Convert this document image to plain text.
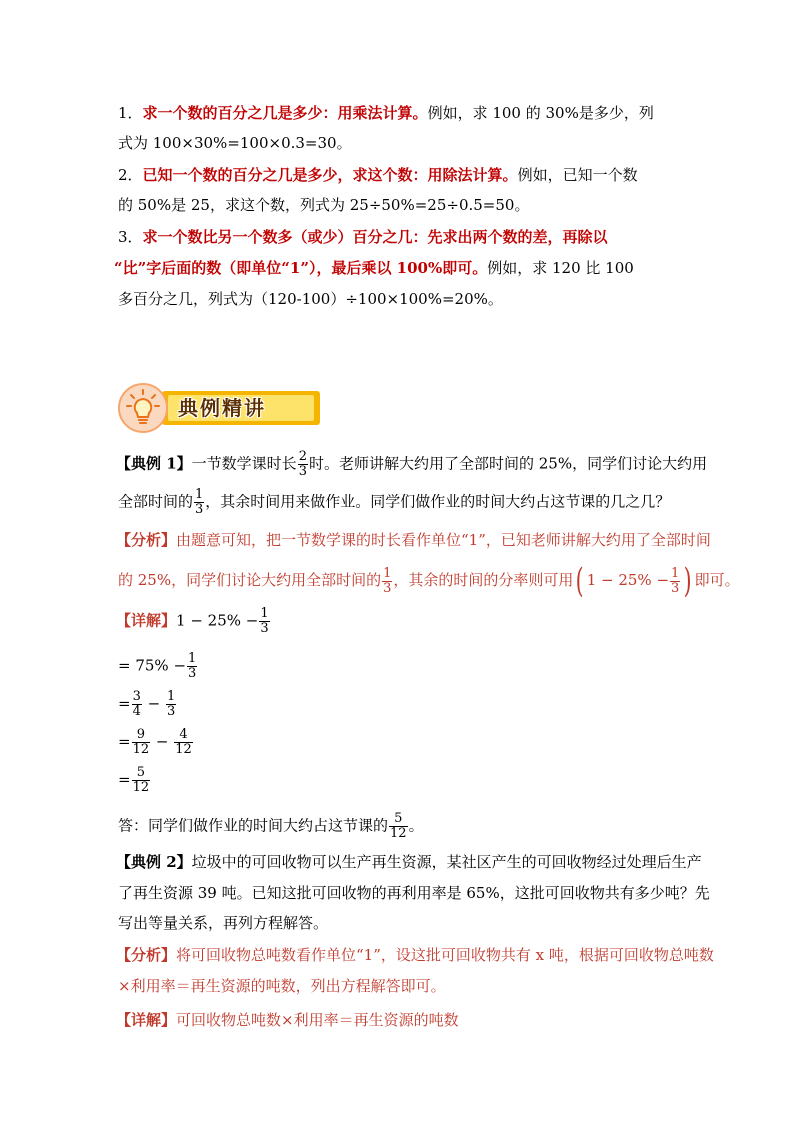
1．求一个数的百分之几是多少：用乘法计算。例如，求 100 的 30%是多少，列
式为 100×30%=100×0.3=30。
2．已知一个数的百分之几是多少，求这个数：用除法计算。例如，已知一个数
的 50%是 25，求这个数，列式为 25÷50%=25÷0.5=50。
3．求一个数比另一个数多（或少）百分之几：先求出两个数的差，再除以
“比”字后面的数（即单位“1”），最后乘以 100%即可。例如，求 120 比 100
多百分之几，列式为（120-100）÷100×100%=20%。
典例精讲
【典例 1】一节数学课时长 $\frac{2}{3}$ 时。老师讲解大约用了全部时间的 25%，同学们讨论大约用
全部时间的 $\frac{1}{3}$ ，其余时间用来做作业。同学们做作业的时间大约占这节课的几之几？
【分析】由题意可知，把一节数学课的时长看作单位“1”，已知老师讲解大约用了全部时间
的 25%，同学们讨论大约用全部时间的 $\frac{1}{3}$ ，其余的时间的分率则可用( $1 - 25\% - \frac{1}{3}$ ) 即可。
【详解】$1 - 25\% - \frac{1}{3}$
= $75\% - \frac{1}{3}$
= $\frac{3}{4} - \frac{1}{3}$
= $\frac{9}{12} - \frac{4}{12}$
= $\frac{5}{12}$
答：同学们做作业的时间大约占这节课的 $\frac{5}{12}$ 。
【典例 2】垃圾中的可回收物可以生产再生资源，某社区产生的可回收物经过处理后生产
了再生资源 39 吨。已知这批可回收物的再利用率是 65%，这批可回收物共有多少吨？先
写出等量关系，再列方程解答。
【分析】将可回收物总吨数看作单位“1”，设这批可回收物共有 x 吨，根据可回收物总吨数
×利用率＝再生资源的吨数，列出方程解答即可。
【详解】可回收物总吨数×利用率＝再生资源的吨数
